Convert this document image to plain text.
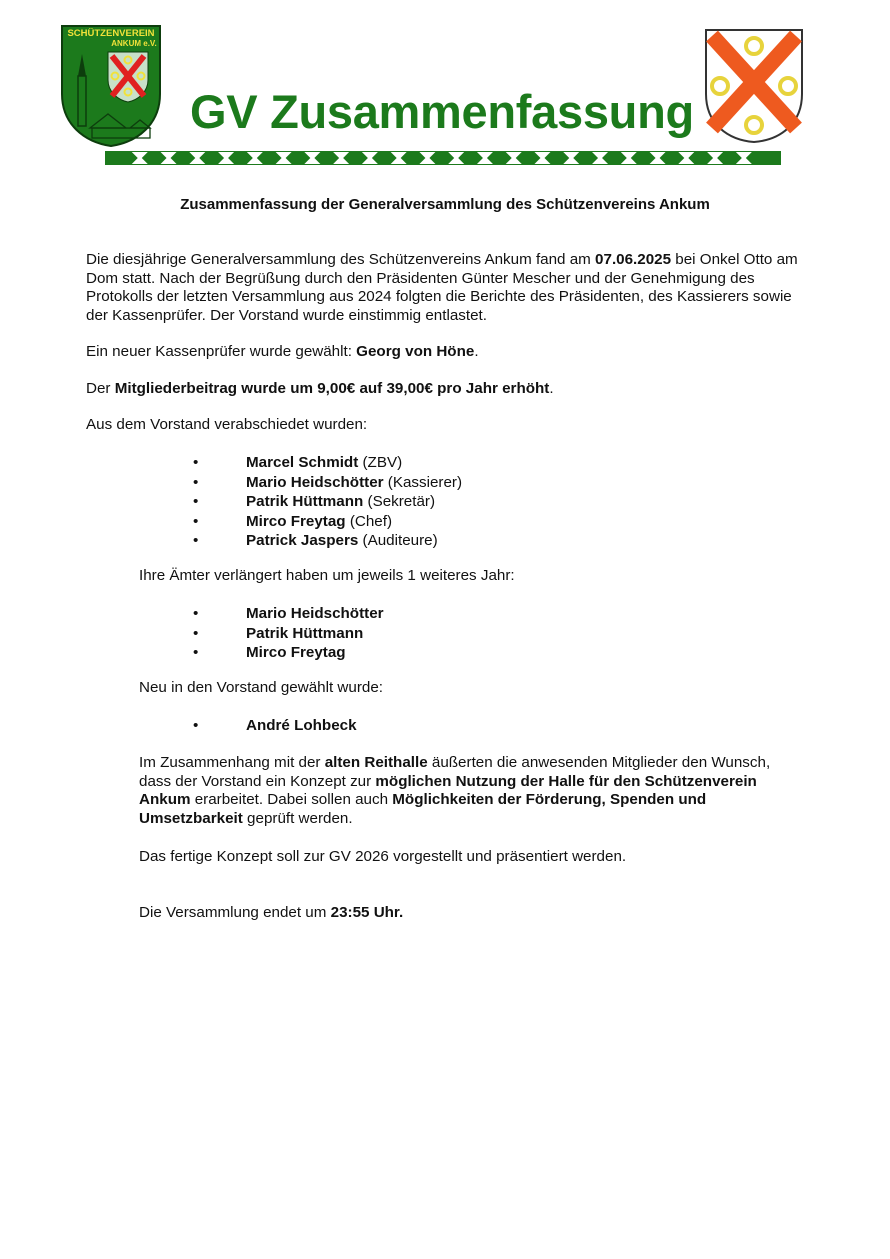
SCHÜTZENVEREIN
ANKUM e.V.
GV Zusammenfassung
Zusammenfassung der Generalversammlung des Schützenvereins Ankum

Die diesjährige Generalversammlung des Schützenvereins Ankum fand am 07.06.2025 bei Onkel Otto am Dom statt. Nach der Begrüßung durch den Präsidenten Günter Mescher und der Genehmigung des Protokolls der letzten Versammlung aus 2024 folgten die Berichte des Präsidenten, des Kassierers sowie der Kassenprüfer. Der Vorstand wurde einstimmig entlastet.

Ein neuer Kassenprüfer wurde gewählt: Georg von Höne.

Der Mitgliederbeitrag wurde um 9,00€ auf 39,00€ pro Jahr erhöht.

Aus dem Vorstand verabschiedet wurden:

•	Marcel Schmidt (ZBV)
•	Mario Heidschötter (Kassierer)
•	Patrik Hüttmann (Sekretär)
•	Mirco Freytag (Chef)
•	Patrick Jaspers (Auditeure)

Ihre Ämter verlängert haben um jeweils 1 weiteres Jahr:

•	Mario Heidschötter
•	Patrik Hüttmann
•	Mirco Freytag

Neu in den Vorstand gewählt wurde:

•	André Lohbeck

Im Zusammenhang mit der alten Reithalle äußerten die anwesenden Mitglieder den Wunsch, dass der Vorstand ein Konzept zur möglichen Nutzung der Halle für den Schützenverein Ankum erarbeitet. Dabei sollen auch Möglichkeiten der Förderung, Spenden und Umsetzbarkeit geprüft werden.

Das fertige Konzept soll zur GV 2026 vorgestellt und präsentiert werden.

Die Versammlung endet um 23:55 Uhr.
